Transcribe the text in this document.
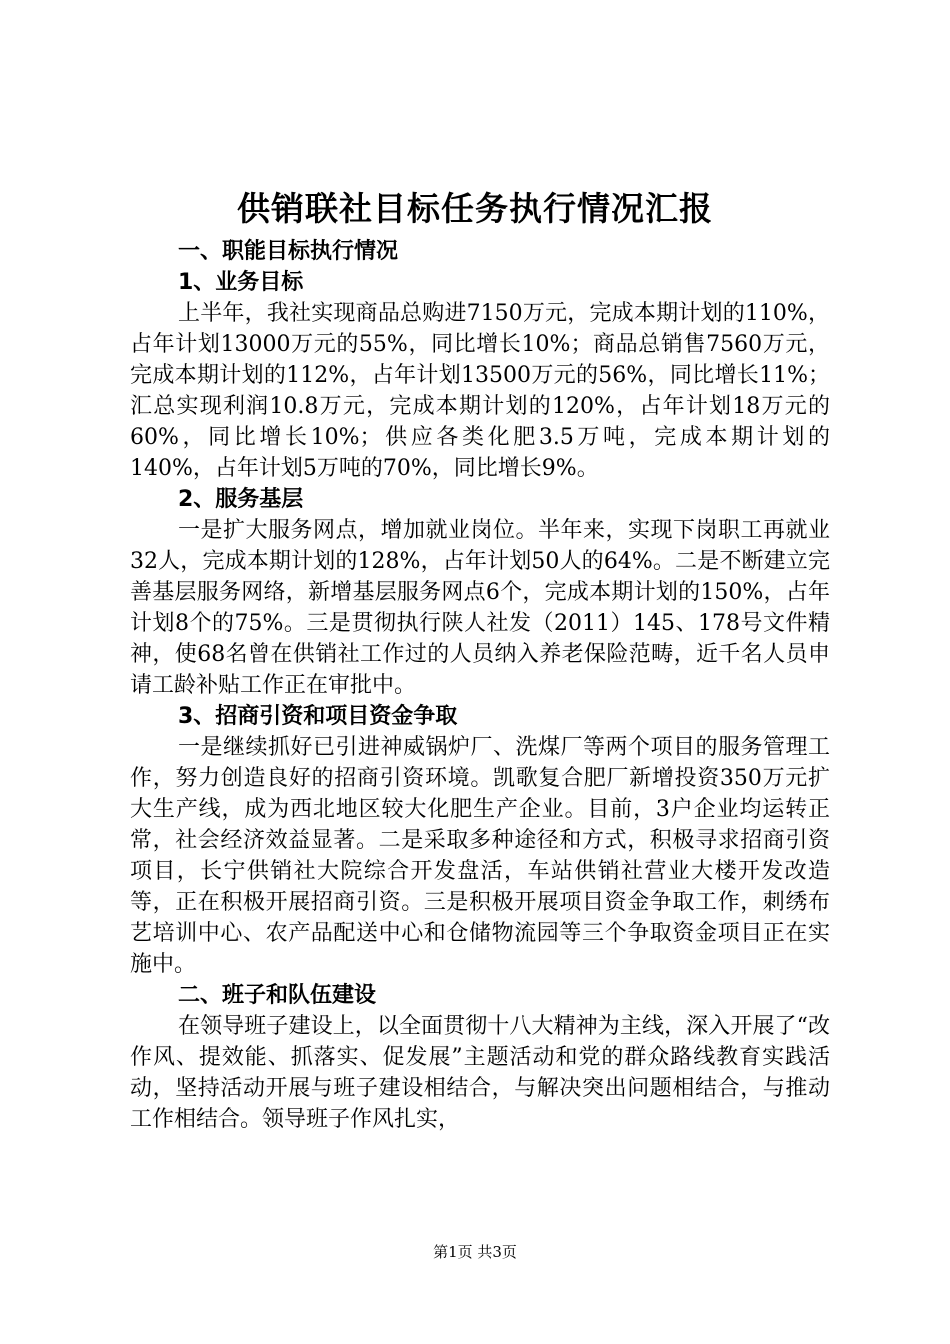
供销联社目标任务执行情况汇报
一、职能目标执行情况
1、业务目标

上半年，我社实现商品总购进7150万元，完成本期计划的110%，占年计划13000万元的55%，同比增长10%；商品总销售7560万元，完成本期计划的112%，占年计划13500万元的56%，同比增长11%；汇总实现利润10.8万元，完成本期计划的120%，占年计划18万元的60%，同比增长10%；供应各类化肥3.5万吨，完成本期计划的140%，占年计划5万吨的70%，同比增长9%。

2、服务基层

一是扩大服务网点，增加就业岗位。半年来，实现下岗职工再就业32人，完成本期计划的128%，占年计划50人的64%。二是不断建立完善基层服务网络，新增基层服务网点6个，完成本期计划的150%，占年计划8个的75%。三是贯彻执行陕人社发（2011）145、178号文件精神，使68名曾在供销社工作过的人员纳入养老保险范畴，近千名人员申请工龄补贴工作正在审批中。

3、招商引资和项目资金争取

一是继续抓好已引进神威锅炉厂、洗煤厂等两个项目的服务管理工作，努力创造良好的招商引资环境。凯歌复合肥厂新增投资350万元扩大生产线，成为西北地区较大化肥生产企业。目前，3户企业均运转正常，社会经济效益显著。二是采取多种途径和方式，积极寻求招商引资项目，长宁供销社大院综合开发盘活，车站供销社营业大楼开发改造等，正在积极开展招商引资。三是积极开展项目资金争取工作，刺绣布艺培训中心、农产品配送中心和仓储物流园等三个争取资金项目正在实施中。

二、班子和队伍建设

在领导班子建设上，以全面贯彻十八大精神为主线，深入开展了“改作风、提效能、抓落实、促发展”主题活动和党的群众路线教育实践活动，坚持活动开展与班子建设相结合，与解决突出问题相结合，与推动工作相结合。领导班子作风扎实，

第1页 共3页
